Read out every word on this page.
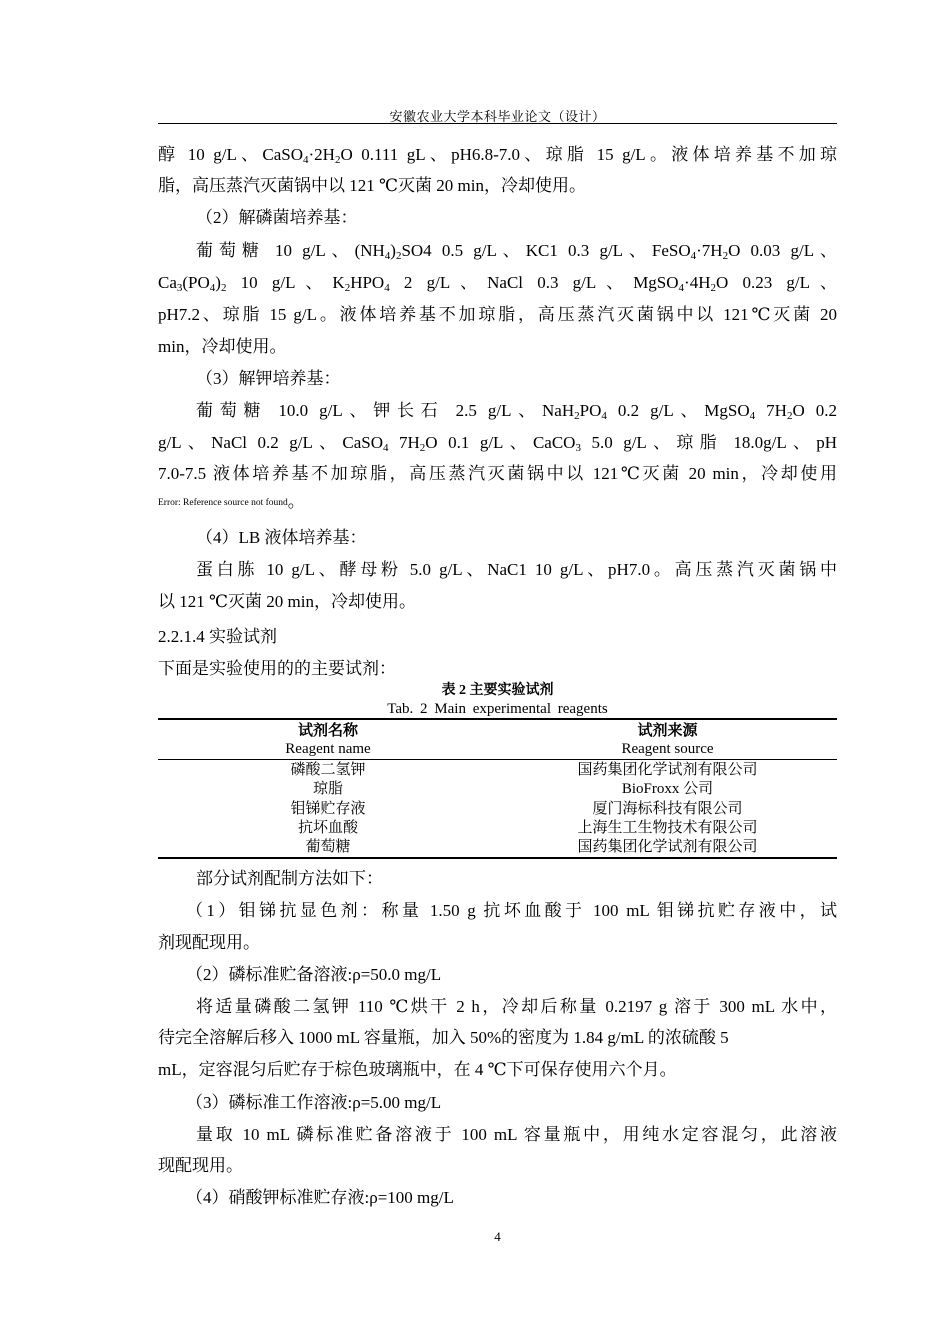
安徽农业大学本科毕业论文（设计）
醇 10 g/L、$CaSO_4\cdot 2H_2O$ 0.111 gL、pH6.8-7.0、琼脂 15 g/L。液体培养基不加琼
脂，高压蒸汽灭菌锅中以 121 ℃灭菌 20 min，冷却使用。
（2）解磷菌培养基：
葡萄糖 10 g/L、$(NH_4)_2SO4$ 0.5 g/L、KC1 0.3 g/L、$FeSO_4\cdot 7H_2O$ 0.03 g/L、
$Ca_3(PO_4)_2$ 10 g/L、$K_2HPO_4$ 2 g/L、NaCl 0.3 g/L、$MgSO_4\cdot 4H_2O$ 0.23 g/L、
pH7.2、琼脂 15 g/L。液体培养基不加琼脂，高压蒸汽灭菌锅中以 121℃灭菌 20
min，冷却使用。
（3）解钾培养基：
葡萄糖 10.0 g/L、钾长石 2.5 g/L、$NaH_2PO_4$ 0.2 g/L、MgSO$_4$ $7H_2O$ 0.2
g/L、NaCl 0.2 g/L、CaSO$_4$ $7H_2O$ 0.1 g/L、CaCO$_3$ 5.0 g/L、琼脂 18.0g/L、pH
7.0-7.5 液体培养基不加琼脂，高压蒸汽灭菌锅中以 121℃灭菌 20 min，冷却使用
Error: Reference source not found。
（4）LB 液体培养基：
蛋白胨 10 g/L、酵母粉 5.0 g/L、NaC1 10 g/L、pH7.0。高压蒸汽灭菌锅中
以 121 ℃灭菌 20 min，冷却使用。
2.2.1.4 实验试剂
下面是实验使用的的主要试剂：
表 2 主要实验试剂
Tab. 2 Main experimental reagents
试剂名称	试剂来源
Reagent name	Reagent source
磷酸二氢钾	国药集团化学试剂有限公司
琼脂	BioFroxx 公司
钼锑贮存液	厦门海标科技有限公司
抗坏血酸	上海生工生物技术有限公司
葡萄糖	国药集团化学试剂有限公司
部分试剂配制方法如下：
（1）钼锑抗显色剂：称量 1.50 g 抗坏血酸于 100 mL 钼锑抗贮存液中，试
剂现配现用。
（2）磷标准贮备溶液:ρ=50.0 mg/L
将适量磷酸二氢钾 110 ℃烘干 2 h，冷却后称量 0.2197 g 溶于 300 mL 水中，
待完全溶解后移入 1000 mL 容量瓶，加入 50%的密度为 1.84 g/mL 的浓硫酸 5
mL，定容混匀后贮存于棕色玻璃瓶中，在 4 ℃下可保存使用六个月。
（3）磷标准工作溶液:ρ=5.00 mg/L
量取 10 mL 磷标准贮备溶液于 100 mL 容量瓶中，用纯水定容混匀，此溶液
现配现用。
（4）硝酸钾标准贮存液:ρ=100 mg/L
4
